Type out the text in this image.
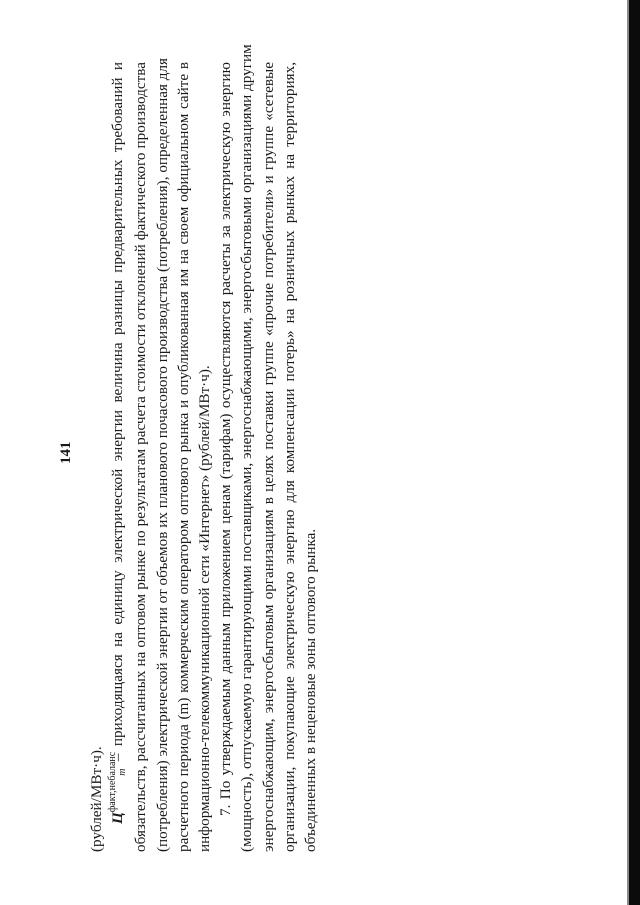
141
(рублей/МВт·ч). $Ц^{факт,небаланс}m$ – приходящаяся на единицу электрической энергии величина разницы предварительных требований и обязательств, рассчитанных на оптовом рынке по результатам расчета стоимости отклонений фактического производства (потребления) электрической энергии от объемов их планового почасового производства (потребления), определенная для расчетного периода (m) коммерческим оператором оптового рынка и опубликованная им на своем официальном сайте в информационно-телекоммуникационной сети «Интернет» (рублей/МВт·ч). 7. По утверждаемым данным приложением ценам (тарифам) осуществляются расчеты за электрическую энергию (мощность), отпускаемую гарантирующими поставщиками, энергоснабжающими, энергосбытовыми организациями другим энергоснабжающим, энергосбытовым организациям в целях поставки группе «прочие потребители» и группе «сетевые организации, покупающие электрическую энергию для компенсации потерь» на розничных рынках на территориях, объединенных в неценовые зоны оптового рынка.
